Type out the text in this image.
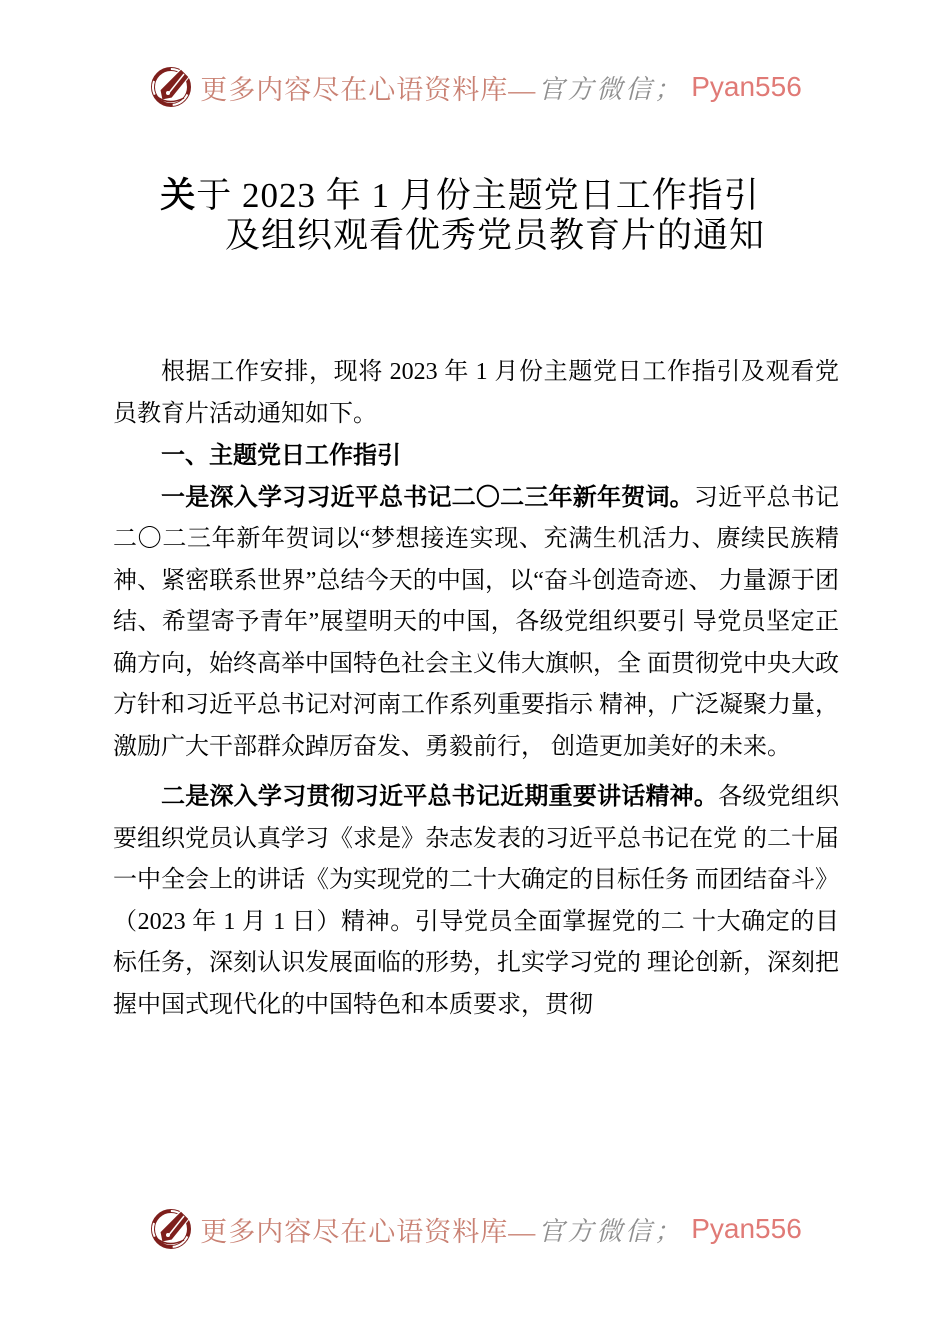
更多内容尽在心语资料库— 官方微信； Pyan556
关于 2023 年 1 月份主题党日工作指引
及组织观看优秀党员教育片的通知

根据工作安排，现将 2023 年 1 月份主题党日工作指引及观看党员教育片活动通知如下。

一、主题党日工作指引

一是深入学习习近平总书记二〇二三年新年贺词。习近平总书记二〇二三年新年贺词以“梦想接连实现、充满生机活力、赓续民族精神、紧密联系世界”总结今天的中国，以“奋斗创造奇迹、 力量源于团结、希望寄予青年”展望明天的中国，各级党组织要引 导党员坚定正确方向，始终高举中国特色社会主义伟大旗帜，全 面贯彻党中央大政方针和习近平总书记对河南工作系列重要指示 精神，广泛凝聚力量，激励广大干部群众踔厉奋发、勇毅前行， 创造更加美好的未来。

二是深入学习贯彻习近平总书记近期重要讲话精神。各级党组织要组织党员认真学习《求是》杂志发表的习近平总书记在党 的二十届一中全会上的讲话《为实现党的二十大确定的目标任务 而团结奋斗》（2023 年 1 月 1 日）精神。引导党员全面掌握党的二 十大确定的目标任务，深刻认识发展面临的形势，扎实学习党的 理论创新，深刻把握中国式现代化的中国特色和本质要求，贯彻

更多内容尽在心语资料库— 官方微信； Pyan556
